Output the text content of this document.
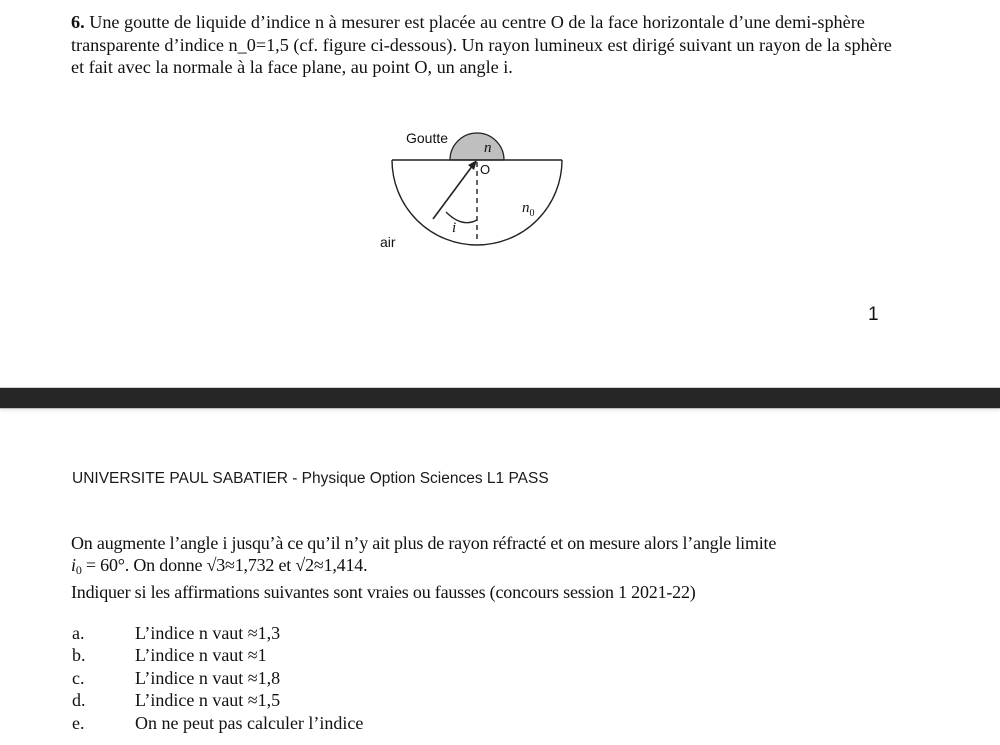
6. Une goutte de liquide d’indice n à mesurer est placée au centre O de la face horizontale d’une demi-sphère transparente d’indice n_0=1,5 (cf. figure ci-dessous). Un rayon lumineux est dirigé suivant un rayon de la sphère et fait avec la normale à la face plane, au point O, un angle i.
Goutte
n
O
$n_0$
i
air
1
UNIVERSITE PAUL SABATIER - Physique Option Sciences L1 PASS
On augmente l’angle i jusqu’à ce qu’il n’y ait plus de rayon réfracté et on mesure alors l’angle limite
$i_0 = 60^\circ$. On donne √3≈1,732 et √2≈1,414.
Indiquer si les affirmations suivantes sont vraies ou fausses (concours session 1 2021-22)
a.	L’indice n vaut ≈1,3
b.	L’indice n vaut ≈1
c.	L’indice n vaut ≈1,8
d.	L’indice n vaut ≈1,5
e.	On ne peut pas calculer l’indice
